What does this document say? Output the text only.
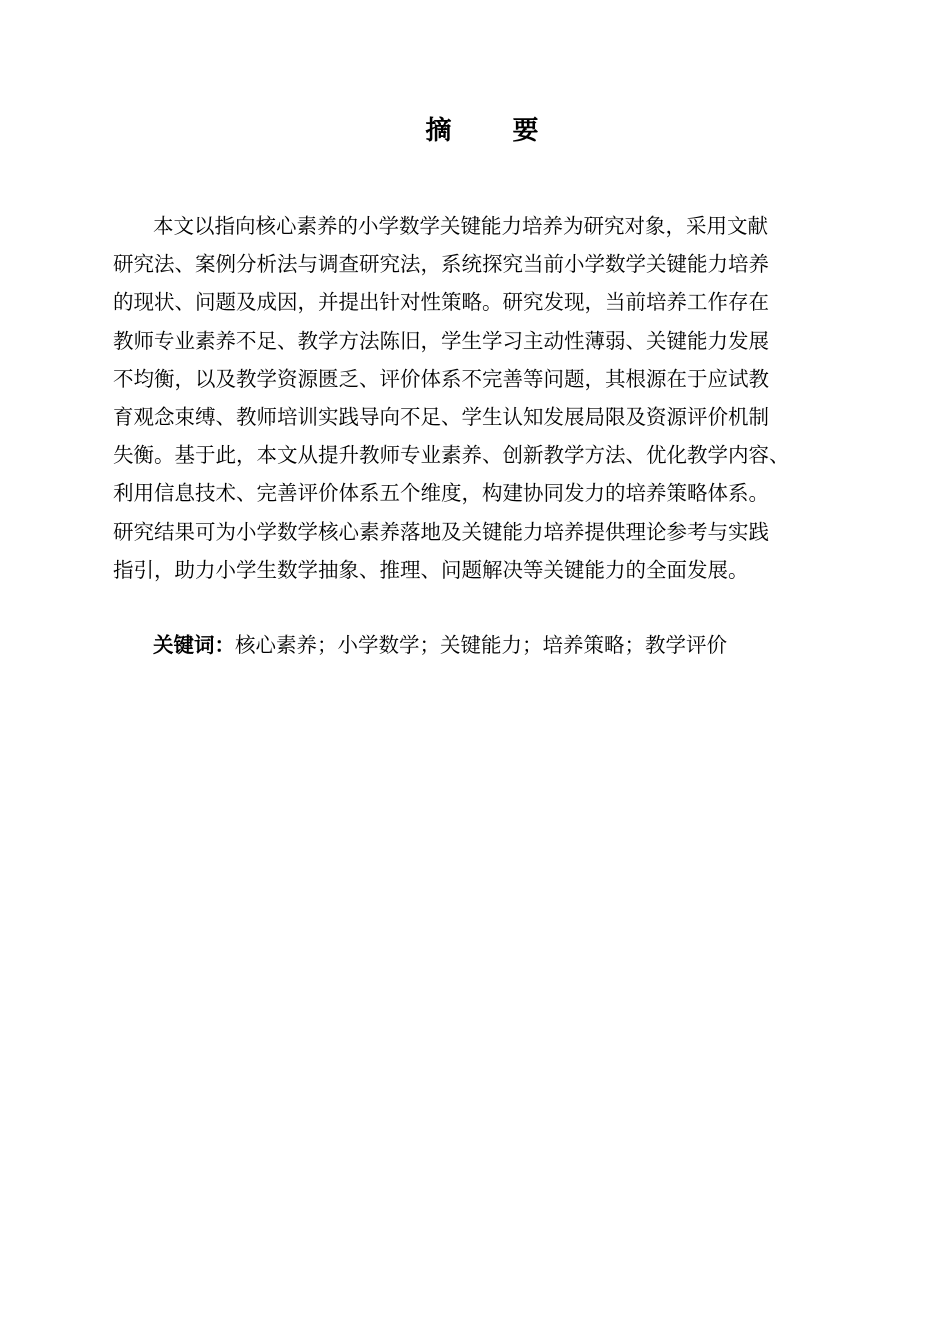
摘 要
本文以指向核心素养的小学数学关键能力培养为研究对象，采用文献
研究法、案例分析法与调查研究法，系统探究当前小学数学关键能力培养
的现状、问题及成因，并提出针对性策略。研究发现，当前培养工作存在
教师专业素养不足、教学方法陈旧，学生学习主动性薄弱、关键能力发展
不均衡，以及教学资源匮乏、评价体系不完善等问题，其根源在于应试教
育观念束缚、教师培训实践导向不足、学生认知发展局限及资源评价机制
失衡。基于此，本文从提升教师专业素养、创新教学方法、优化教学内容、
利用信息技术、完善评价体系五个维度，构建协同发力的培养策略体系。
研究结果可为小学数学核心素养落地及关键能力培养提供理论参考与实践
指引，助力小学生数学抽象、推理、问题解决等关键能力的全面发展。
关键词：核心素养；小学数学；关键能力；培养策略；教学评价
